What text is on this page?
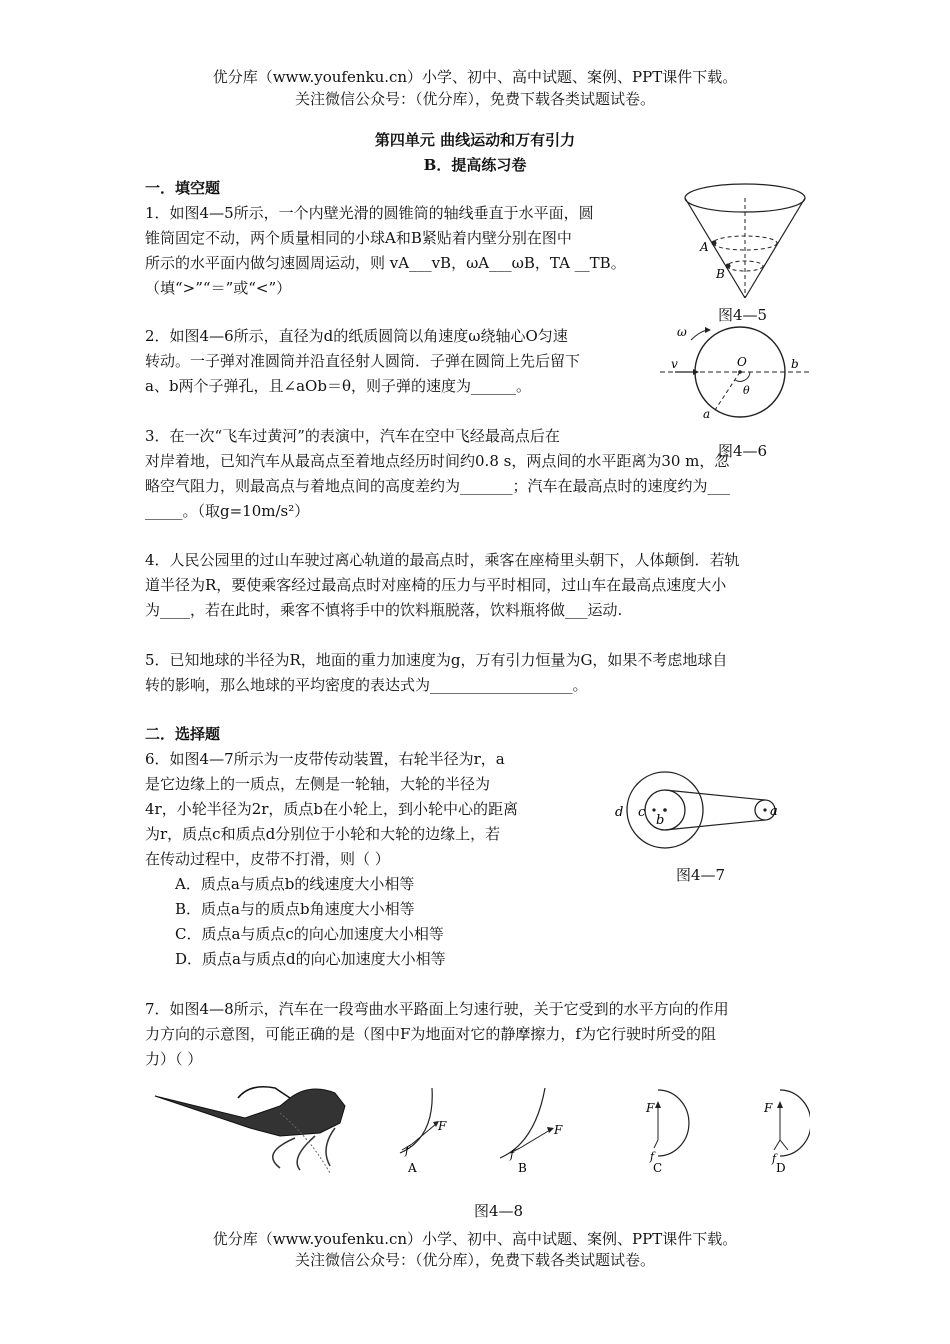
优分库（www.youfenku.cn）小学、初中、高中试题、案例、PPT课件下载。
关注微信公众号：（优分库），免费下载各类试题试卷。
第四单元 曲线运动和万有引力
B．提高练习卷
一．填空题
1．如图4—5所示，一个内壁光滑的圆锥筒的轴线垂直于水平面，圆
锥筒固定不动，两个质量相同的小球A和B紧贴着内壁分别在图中
所示的水平面内做匀速圆周运动，则 vA___vB，ωA___ωB，TA __TB。
（填“>”“＝”或“<”）
A
B
图4—5
2．如图4—6所示，直径为d的纸质圆筒以角速度ω绕轴心O匀速
转动。一子弹对准圆筒并沿直径射人圆筒．子弹在圆筒上先后留下
a、b两个子弹孔，且∠aOb＝θ，则子弹的速度为______。
ω
v	O	b
a
θ
图4—6
3．在一次“飞车过黄河”的表演中，汽车在空中飞经最高点后在
对岸着地，已知汽车从最高点至着地点经历时间约0.8 s，两点间的水平距离为30 m，忽
略空气阻力，则最高点与着地点间的高度差约为_______；汽车在最高点时的速度约为___
_____。（取g=10m/s²）
4．人民公园里的过山车驶过离心轨道的最高点时，乘客在座椅里头朝下，人体颠倒．若轨
道半径为R，要使乘客经过最高点时对座椅的压力与平时相同，过山车在最高点速度大小
为____，若在此时，乘客不慎将手中的饮料瓶脱落，饮料瓶将做___运动.
5．已知地球的半径为R，地面的重力加速度为g，万有引力恒量为G，如果不考虑地球自
转的影响，那么地球的平均密度的表达式为___________________。
二．选择题
6．如图4—7所示为一皮带传动装置，右轮半径为r，a
是它边缘上的一质点，左侧是一轮轴，大轮的半径为
4r，小轮半径为2r，质点b在小轮上，到小轮中心的距离
为r，质点c和质点d分别位于小轮和大轮的边缘上，若
在传动过程中，皮带不打滑，则（ ）
A．质点a与质点b的线速度大小相等
B．质点a与的质点b角速度大小相等
C．质点a与质点c的向心加速度大小相等
D．质点a与质点d的向心加速度大小相等
d c
b
a
图4—7
7．如图4—8所示，汽车在一段弯曲水平路面上匀速行驶，关于它受到的水平方向的作用
力方向的示意图，可能正确的是（图中F为地面对它的静摩擦力，f为它行驶时所受的阻
力）（ ）
F
f
F
f
F
f
F
f
A	B	C	D
图4—8
优分库（www.youfenku.cn）小学、初中、高中试题、案例、PPT课件下载。
关注微信公众号：（优分库），免费下载各类试题试卷。
